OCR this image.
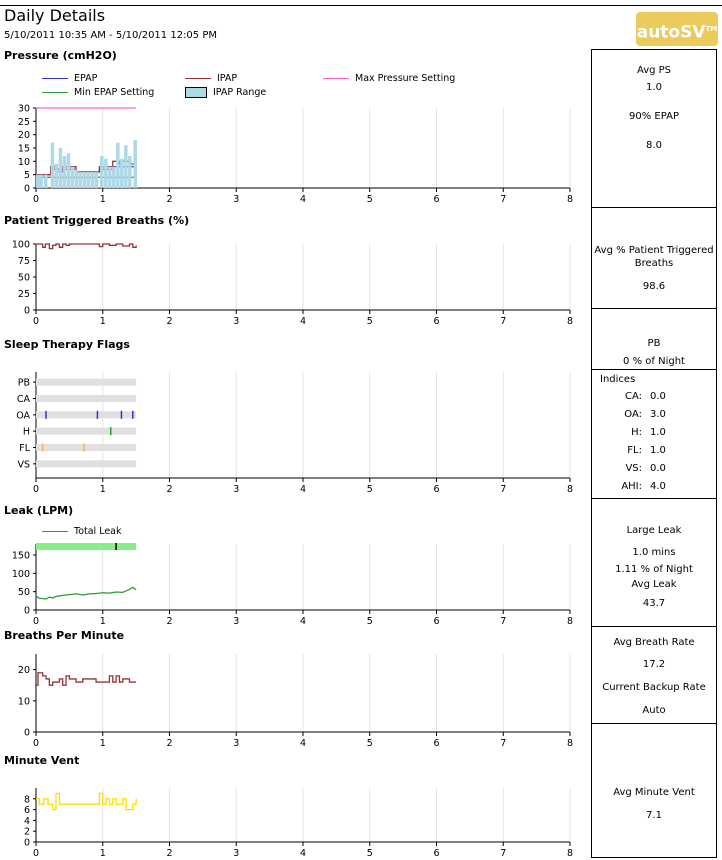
Daily Details
5/10/2011 10:35 AM - 5/10/2011 12:05 PM	autoSV™
Pressure (cmH2O)
EPAP	IPAP	Max Pressure Setting
Min EPAP Setting	IPAP Range
0	1	2	3	4	5	6	7	8
0
5
10
15
20
25
30
Patient Triggered Breaths (%)
0	1	2	3	4	5	6	7	8
0
25
50
75
100
Sleep Therapy Flags
0	1	2	3	4	5	6	7	8
PB
CA
OA
H
FL
VS
Leak (LPM)
Total Leak
0	1	2	3	4	5	6	7	8
0
50
100
150
Breaths Per Minute
0	1	2	3	4	5	6	7	8
0
10
20
Minute Vent
0	1	2	3	4	5	6	7	8
0
2
4
6
8
Avg PS
1.0
90% EPAP
8.0
Avg % Patient Triggered Breaths
98.6
PB
0 % of Night
Indices
CA: 0.0
OA: 3.0
H: 1.0
FL: 1.0
VS: 0.0
AHI: 4.0
Large Leak
1.0 mins
1.11 % of Night
Avg Leak
43.7
Avg Breath Rate
17.2
Current Backup Rate
Auto
Avg Minute Vent
7.1
